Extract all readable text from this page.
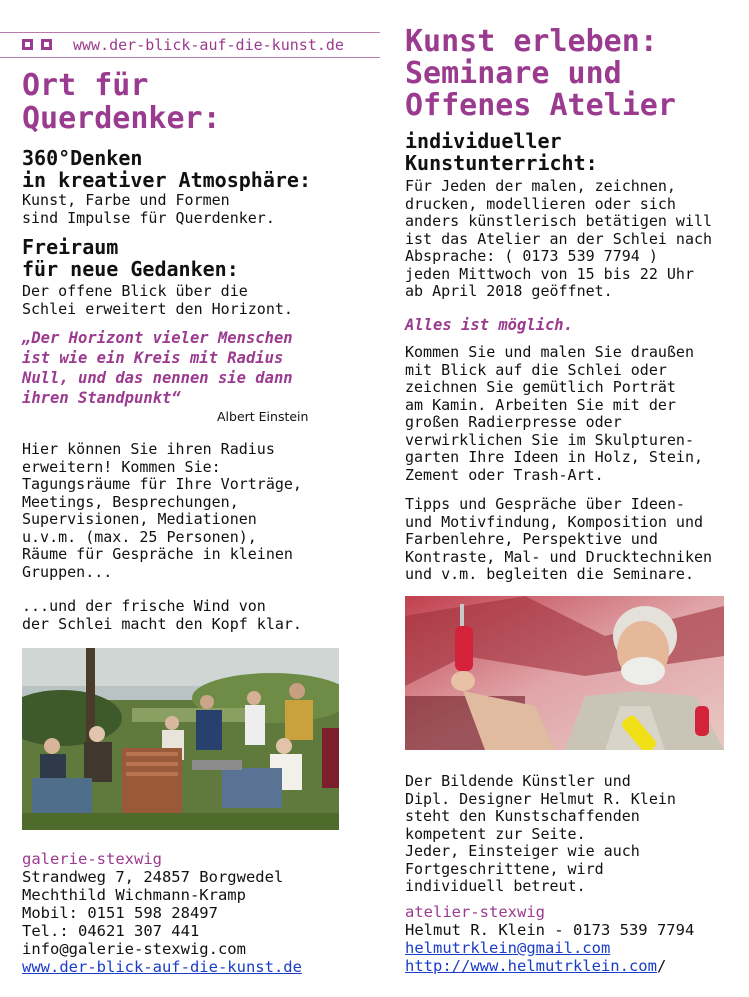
www.der-blick-auf-die-kunst.de
Ort für
Querdenker:
360°Denken
in kreativer Atmosphäre:

Kunst, Farbe und Formen
sind Impulse für Querdenker.

Freiraum
für neue Gedanken:

Der offene Blick über die
Schlei erweitert den Horizont.

„Der Horizont vieler Menschen
ist wie ein Kreis mit Radius
Null, und das nennen sie dann
ihren Standpunkt“
Albert Einstein

Hier können Sie ihren Radius
erweitern! Kommen Sie:
Tagungsräume für Ihre Vorträge,
Meetings, Besprechungen,
Supervisionen, Mediationen
u.v.m. (max. 25 Personen),
Räume für Gespräche in kleinen
Gruppen...

...und der frische Wind von
der Schlei macht den Kopf klar.

galerie-stexwig
Strandweg 7, 24857 Borgwedel
Mechthild Wichmann-Kramp
Mobil: 0151 598 28497
Tel.: 04621 307 441
info@galerie-stexwig.com
www.der-blick-auf-die-kunst.de
Kunst erleben:
Seminare und
Offenes Atelier
individueller
Kunstunterricht:

Für Jeden der malen, zeichnen,
drucken, modellieren oder sich
anders künstlerisch betätigen will
ist das Atelier an der Schlei nach
Absprache: ( 0173 539 7794 )
jeden Mittwoch von 15 bis 22 Uhr
ab April 2018 geöffnet.

Alles ist möglich.

Kommen Sie und malen Sie draußen
mit Blick auf die Schlei oder
zeichnen Sie gemütlich Porträt
am Kamin. Arbeiten Sie mit der
großen Radierpresse oder
verwirklichen Sie im Skulpturen-
garten Ihre Ideen in Holz, Stein,
Zement oder Trash-Art.

Tipps und Gespräche über Ideen-
und Motivfindung, Komposition und
Farbenlehre, Perspektive und
Kontraste, Mal- und Drucktechniken
und v.m. begleiten die Seminare.

Der Bildende Künstler und
Dipl. Designer Helmut R. Klein
steht den Kunstschaffenden
kompetent zur Seite.
Jeder, Einsteiger wie auch
Fortgeschrittene, wird
individuell betreut.

atelier-stexwig
Helmut R. Klein - 0173 539 7794
helmutrklein@gmail.com
http://www.helmutrklein.com/
